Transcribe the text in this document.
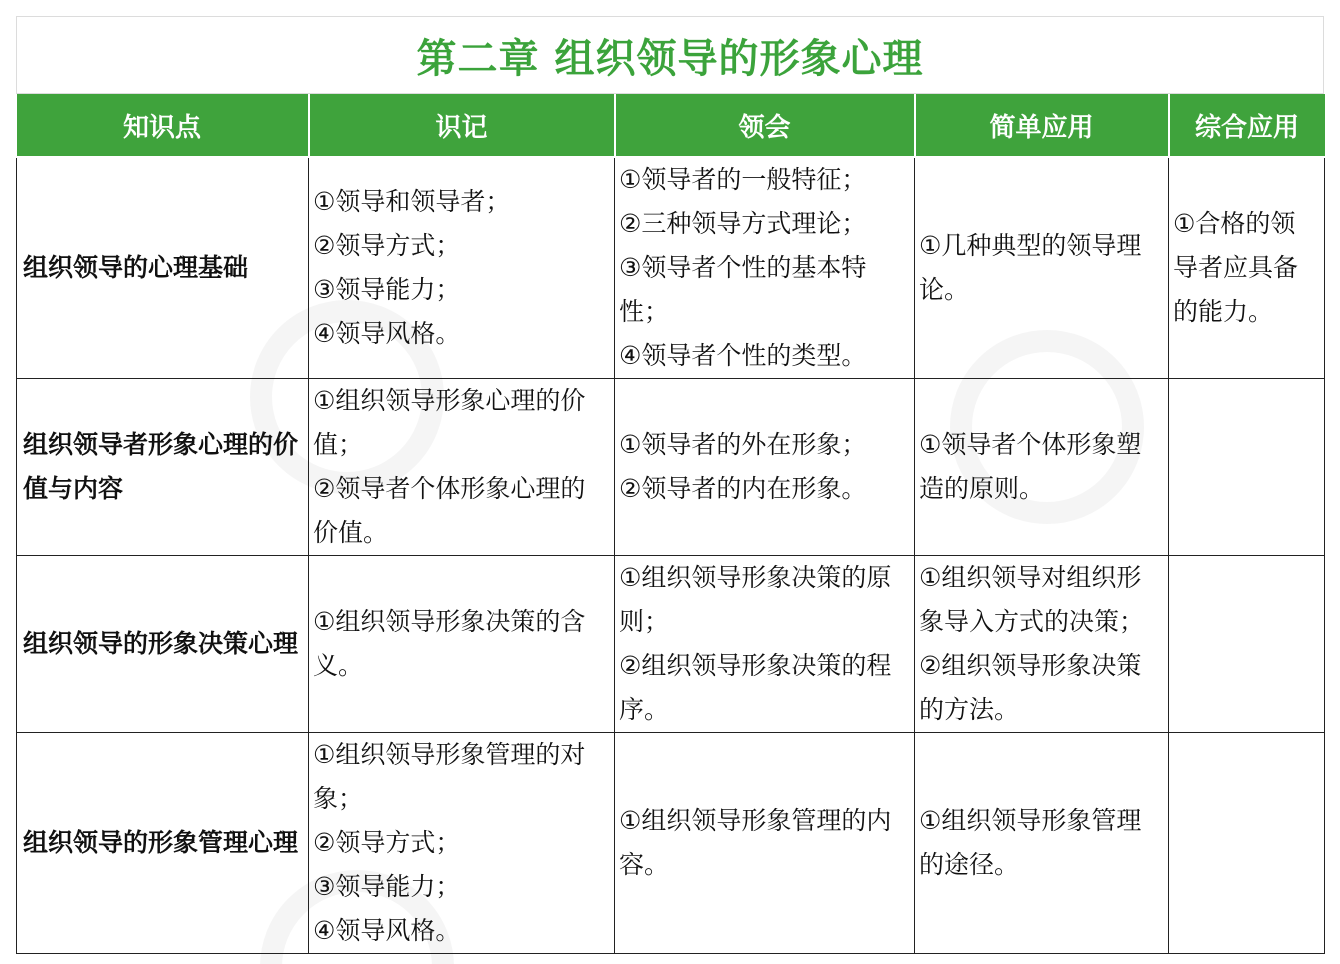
第二章 组织领导的形象心理
知识点	识记	领会	简单应用	综合应用
组织领导的心理基础	①领导和领导者；
②领导方式；
③领导能力；
④领导风格。	①领导者的一般特征；
②三种领导方式理论；
③领导者个性的基本特性；
④领导者个性的类型。	①几种典型的领导理论。	①合格的领导者应具备的能力。

组织领导者形象心理的价值与内容	①组织领导形象心理的价值；
②领导者个体形象心理的价值。	①领导者的外在形象；
②领导者的内在形象。	①领导者个体形象塑造的原则。	

组织领导的形象决策心理	①组织领导形象决策的含义。	①组织领导形象决策的原则；
②组织领导形象决策的程序。	①组织领导对组织形象导入方式的决策；
②组织领导形象决策的方法。	

组织领导的形象管理心理	①组织领导形象管理的对象；
②领导方式；
③领导能力；
④领导风格。	①组织领导形象管理的内容。	①组织领导形象管理的途径。	
